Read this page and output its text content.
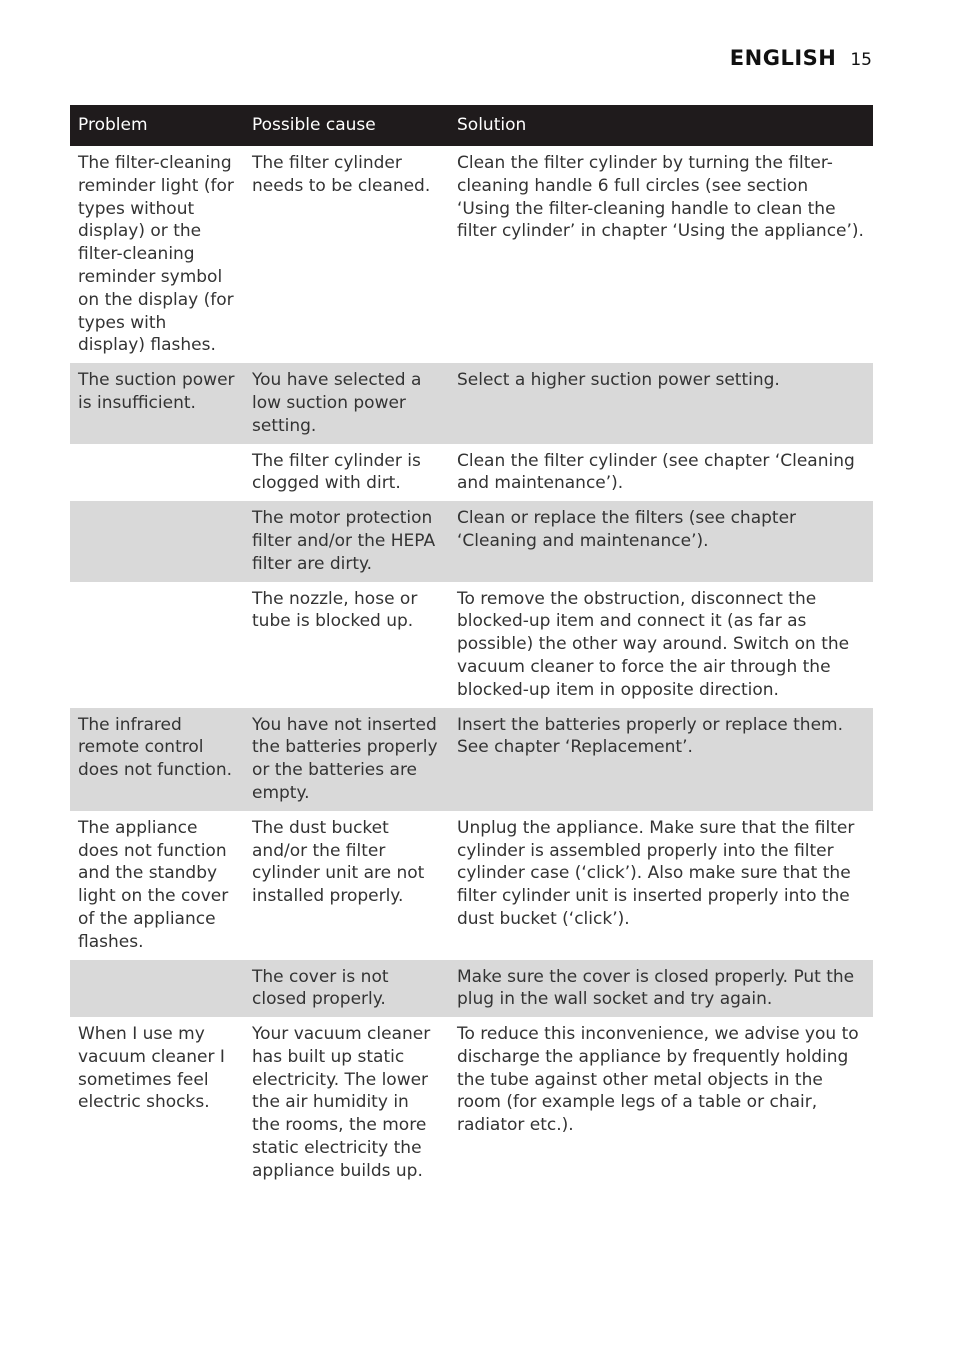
ENGLISH 15
Problem	Possible cause	Solution
The filter-cleaning reminder light (for types without display) or the filter-cleaning reminder symbol on the display (for types with display) flashes.	The filter cylinder needs to be cleaned.	Clean the filter cylinder by turning the filter-cleaning handle 6 full circles (see section ‘Using the filter-cleaning handle to clean the filter cylinder’ in chapter ‘Using the appliance’).
The suction power is insufficient.	You have selected a low suction power setting.	Select a higher suction power setting.
	The filter cylinder is clogged with dirt.	Clean the filter cylinder (see chapter ‘Cleaning and maintenance’).
	The motor protection filter and/or the HEPA filter are dirty.	Clean or replace the filters (see chapter ‘Cleaning and maintenance’).
	The nozzle, hose or tube is blocked up.	To remove the obstruction, disconnect the blocked-up item and connect it (as far as possible) the other way around. Switch on the vacuum cleaner to force the air through the blocked-up item in opposite direction.
The infrared remote control does not function.	You have not inserted the batteries properly or the batteries are empty.	Insert the batteries properly or replace them. See chapter ‘Replacement’.
The appliance does not function and the standby light on the cover of the appliance flashes.	The dust bucket and/or the filter cylinder unit are not installed properly.	Unplug the appliance. Make sure that the filter cylinder is assembled properly into the filter cylinder case (‘click’). Also make sure that the filter cylinder unit is inserted properly into the dust bucket (‘click’).
	The cover is not closed properly.	Make sure the cover is closed properly. Put the plug in the wall socket and try again.
When I use my vacuum cleaner I sometimes feel electric shocks.	Your vacuum cleaner has built up static electricity. The lower the air humidity in the rooms, the more static electricity the appliance builds up.	To reduce this inconvenience, we advise you to discharge the appliance by frequently holding the tube against other metal objects in the room (for example legs of a table or chair, radiator etc.).
